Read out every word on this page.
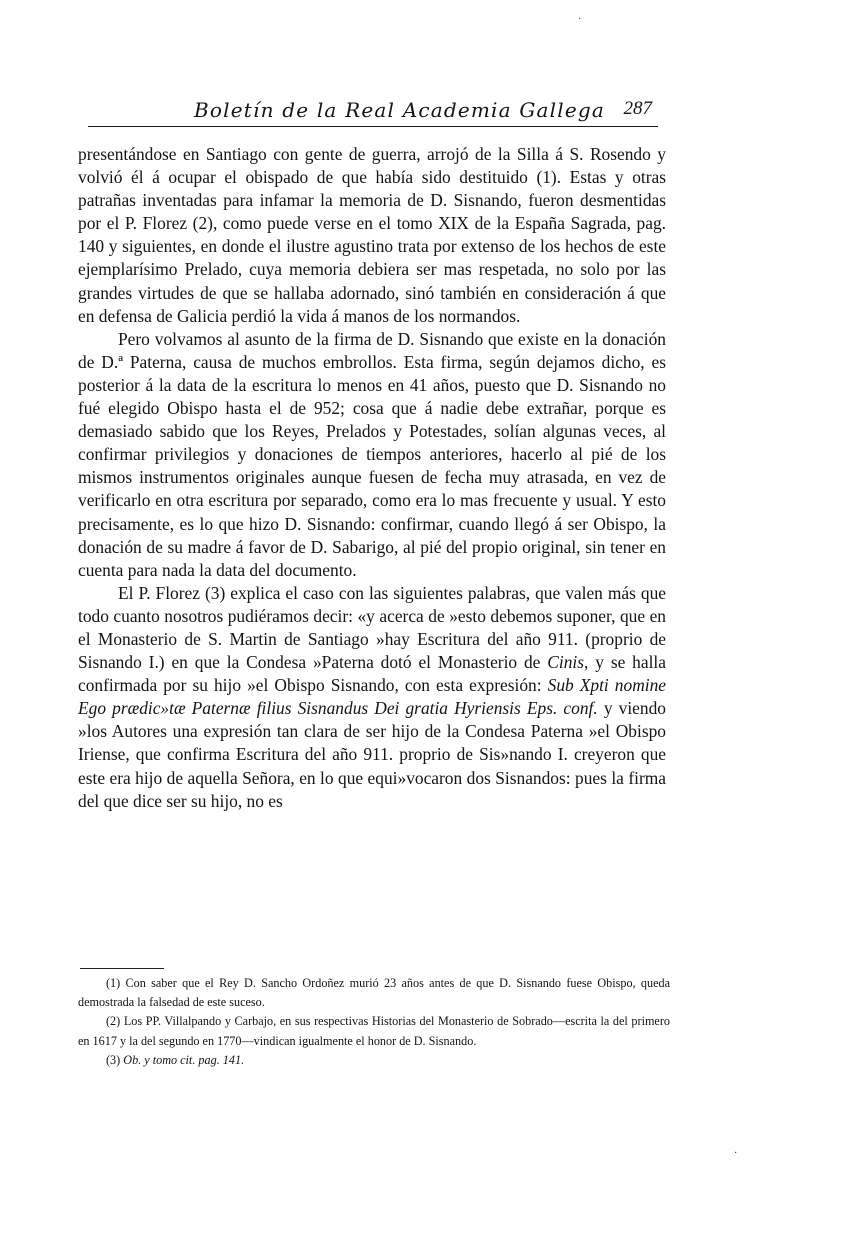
Boletín de la Real Academia Gallega 287

presentándose en Santiago con gente de guerra, arrojó de la Silla á S. Rosendo y volvió él á ocupar el obispado de que había sido destituido (1). Estas y otras patrañas inventadas para infamar la memoria de D. Sisnando, fueron desmentidas por el P. Florez (2), como puede verse en el tomo XIX de la España Sagrada, pag. 140 y siguientes, en donde el ilustre agustino trata por extenso de los hechos de este ejemplarísimo Prelado, cuya memoria debiera ser mas respetada, no solo por las grandes virtudes de que se hallaba adornado, sinó también en consideración á que en defensa de Galicia perdió la vida á manos de los normandos.

Pero volvamos al asunto de la firma de D. Sisnando que existe en la donación de D.ª Paterna, causa de muchos embrollos. Esta firma, según dejamos dicho, es posterior á la data de la escritura lo menos en 41 años, puesto que D. Sisnando no fué elegido Obispo hasta el de 952; cosa que á nadie debe extrañar, porque es demasiado sabido que los Reyes, Prelados y Potestades, solían algunas veces, al confirmar privilegios y donaciones de tiempos anteriores, hacerlo al pié de los mismos instrumentos originales aunque fuesen de fecha muy atrasada, en vez de verificarlo en otra escritura por separado, como era lo mas frecuente y usual. Y esto precisamente, es lo que hizo D. Sisnando: confirmar, cuando llegó á ser Obispo, la donación de su madre á favor de D. Sabarigo, al pié del propio original, sin tener en cuenta para nada la data del documento.

El P. Florez (3) explica el caso con las siguientes palabras, que valen más que todo cuanto nosotros pudiéramos decir: «y acerca de »esto debemos suponer, que en el Monasterio de S. Martin de Santiago »hay Escritura del año 911. (proprio de Sisnando I.) en que la Condesa »Paterna dotó el Monasterio de Cinis, y se halla confirmada por su hijo »el Obispo Sisnando, con esta expresión: Sub Xpti nomine Ego prædic»tæ Paternæ filius Sisnandus Dei gratia Hyriensis Eps. conf. y viendo »los Autores una expresión tan clara de ser hijo de la Condesa Paterna »el Obispo Iriense, que confirma Escritura del año 911. proprio de Sis»nando I. creyeron que este era hijo de aquella Señora, en lo que equi»vocaron dos Sisnandos: pues la firma del que dice ser su hijo, no es

(1) Con saber que el Rey D. Sancho Ordoñez murió 23 años antes de que D. Sisnando fuese Obispo, queda demostrada la falsedad de este suceso.

(2) Los PP. Villalpando y Carbajo, en sus respectivas Historias del Monasterio de Sobrado—escrita la del primero en 1617 y la del segundo en 1770—vindican igualmente el honor de D. Sisnando.

(3) Ob. y tomo cit. pag. 141.

·
·
